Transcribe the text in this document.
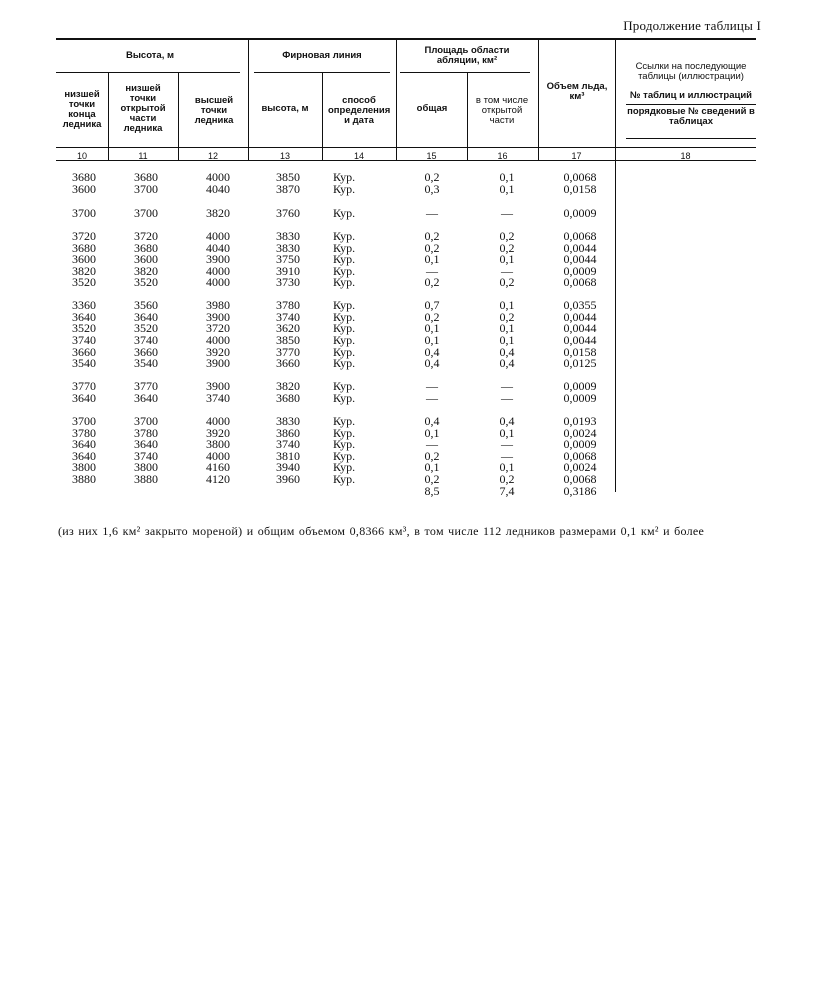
Продолжение таблицы I
Высота, м
низшей точки конца ледника
низшей точки открытой части ледника
высшей точки ледника
Фирновая линия
высота, м
способ определения и дата
Площадь области абляции, км²
общая
в том числе открытой части
Объем льда, км³
Ссылки на последующие таблицы (иллюстрации)
№ таблиц и иллюстраций
порядковые № сведений в таблицах
10	11	12	13	14	15	16	17	18
3680	3680	4000	3850	Кур.	0,2	0,1	0,0068
3600	3700	4040	3870	Кур.	0,3	0,1	0,0158
3700	3700	3820	3760	Кур.	—	—	0,0009
3720	3720	4000	3830	Кур.	0,2	0,2	0,0068
3680	3680	4040	3830	Кур.	0,2	0,2	0,0044
3600	3600	3900	3750	Кур.	0,1	0,1	0,0044
3820	3820	4000	3910	Кур.	—	—	0,0009
3520	3520	4000	3730	Кур.	0,2	0,2	0,0068
3360	3560	3980	3780	Кур.	0,7	0,1	0,0355
3640	3640	3900	3740	Кур.	0,2	0,2	0,0044
3520	3520	3720	3620	Кур.	0,1	0,1	0,0044
3740	3740	4000	3850	Кур.	0,1	0,1	0,0044
3660	3660	3920	3770	Кур.	0,4	0,4	0,0158
3540	3540	3900	3660	Кур.	0,4	0,4	0,0125
3770	3770	3900	3820	Кур.	—	—	0,0009
3640	3640	3740	3680	Кур.	—	—	0,0009
3700	3700	4000	3830	Кур.	0,4	0,4	0,0193
3780	3780	3920	3860	Кур.	0,1	0,1	0,0024
3640	3640	3800	3740	Кур.	—	—	0,0009
3640	3740	4000	3810	Кур.	0,2	—	0,0068
3800	3800	4160	3940	Кур.	0,1	0,1	0,0024
3880	3880	4120	3960	Кур.	0,2	0,2	0,0068
8,5	7,4	0,3186
(из них 1,6 км² закрыто мореной) и общим объемом 0,8366 км³, в том числе 112 ледников размерами 0,1 км² и более
